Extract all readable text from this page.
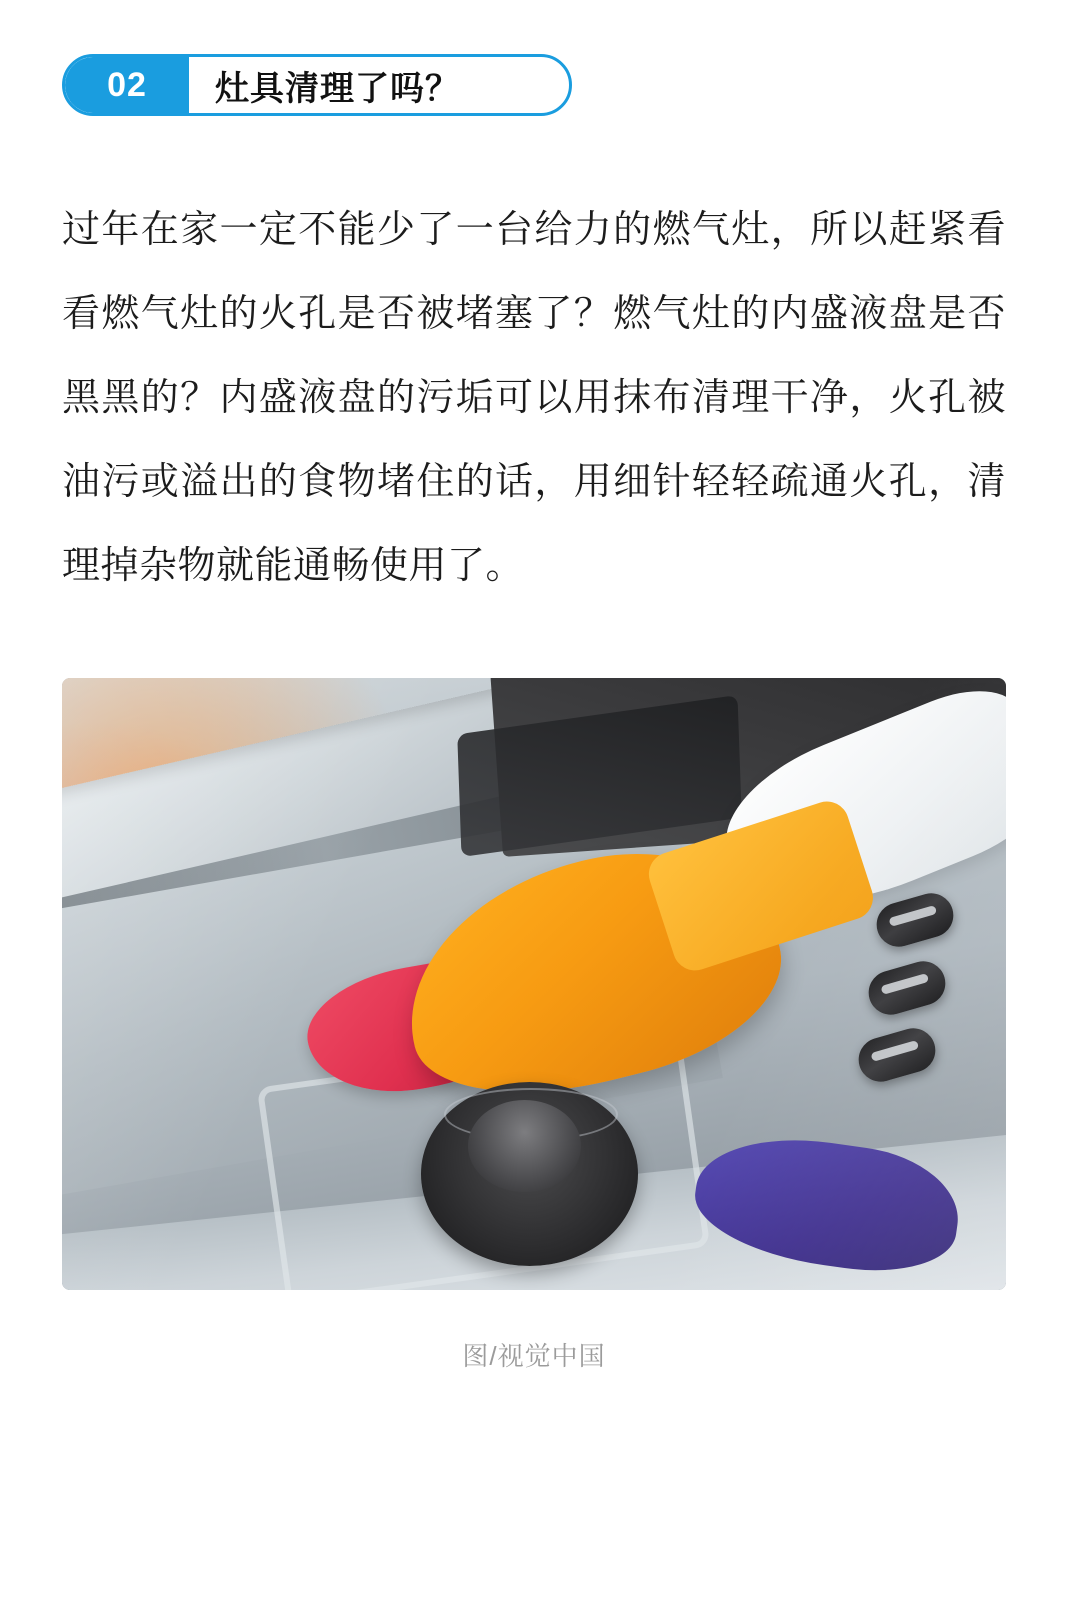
02	灶具清理了吗？

过年在家一定不能少了一台给力的燃气灶，所以赶紧看看燃气灶的火孔是否被堵塞了？燃气灶的内盛液盘是否黑黑的？内盛液盘的污垢可以用抹布清理干净，火孔被油污或溢出的食物堵住的话，用细针轻轻疏通火孔，清理掉杂物就能通畅使用了。

图/视觉中国
